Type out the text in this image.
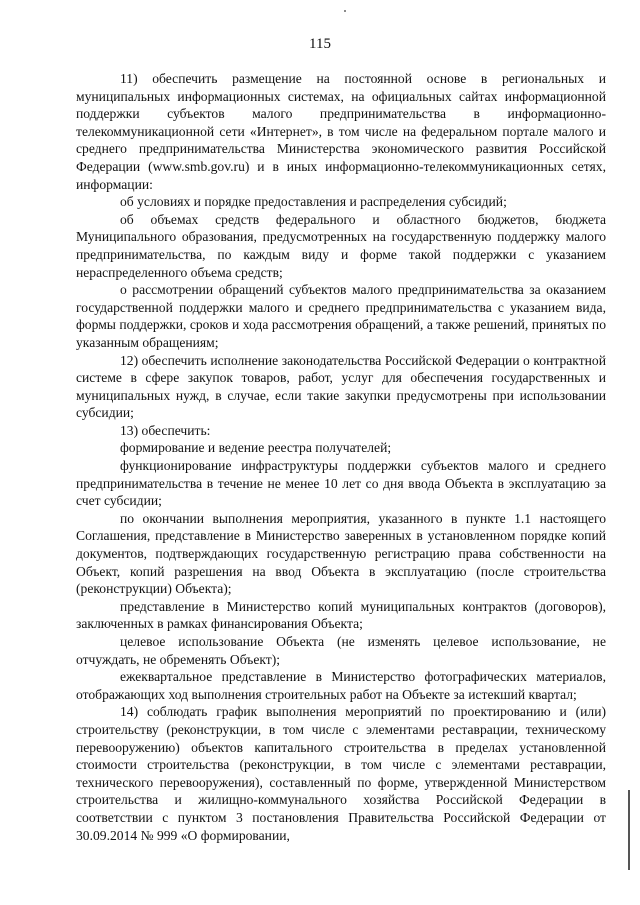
115

11) обеспечить размещение на постоянной основе в региональных и муниципальных информационных системах, на официальных сайтах информационной поддержки субъектов малого предпринимательства в информационно-телекоммуникационной сети «Интернет», в том числе на федеральном портале малого и среднего предпринимательства Министерства экономического развития Российской Федерации (www.smb.gov.ru) и в иных информационно-телекоммуникационных сетях, информации:

об условиях и порядке предоставления и распределения субсидий;

об объемах средств федерального и областного бюджетов, бюджета Муниципального образования, предусмотренных на государственную поддержку малого предпринимательства, по каждым виду и форме такой поддержки с указанием нераспределенного объема средств;

о рассмотрении обращений субъектов малого предпринимательства за оказанием государственной поддержки малого и среднего предпринимательства с указанием вида, формы поддержки, сроков и хода рассмотрения обращений, а также решений, принятых по указанным обращениям;

12) обеспечить исполнение законодательства Российской Федерации о контрактной системе в сфере закупок товаров, работ, услуг для обеспечения государственных и муниципальных нужд, в случае, если такие закупки предусмотрены при использовании субсидии;

13) обеспечить:

формирование и ведение реестра получателей;

функционирование инфраструктуры поддержки субъектов малого и среднего предпринимательства в течение не менее 10 лет со дня ввода Объекта в эксплуатацию за счет субсидии;

по окончании выполнения мероприятия, указанного в пункте 1.1 настоящего Соглашения, представление в Министерство заверенных в установленном порядке копий документов, подтверждающих государственную регистрацию права собственности на Объект, копий разрешения на ввод Объекта в эксплуатацию (после строительства (реконструкции) Объекта);

представление в Министерство копий муниципальных контрактов (договоров), заключенных в рамках финансирования Объекта;

целевое использование Объекта (не изменять целевое использование, не отчуждать, не обременять Объект);

ежеквартальное представление в Министерство фотографических материалов, отображающих ход выполнения строительных работ на Объекте за истекший квартал;

14) соблюдать график выполнения мероприятий по проектированию и (или) строительству (реконструкции, в том числе с элементами реставрации, техническому перевооружению) объектов капитального строительства в пределах установленной стоимости строительства (реконструкции, в том числе с элементами реставрации, технического перевооружения), составленный по форме, утвержденной Министерством строительства и жилищно-коммунального хозяйства Российской Федерации в соответствии с пунктом 3 постановления Правительства Российской Федерации от 30.09.2014 № 999 «О формировании,
